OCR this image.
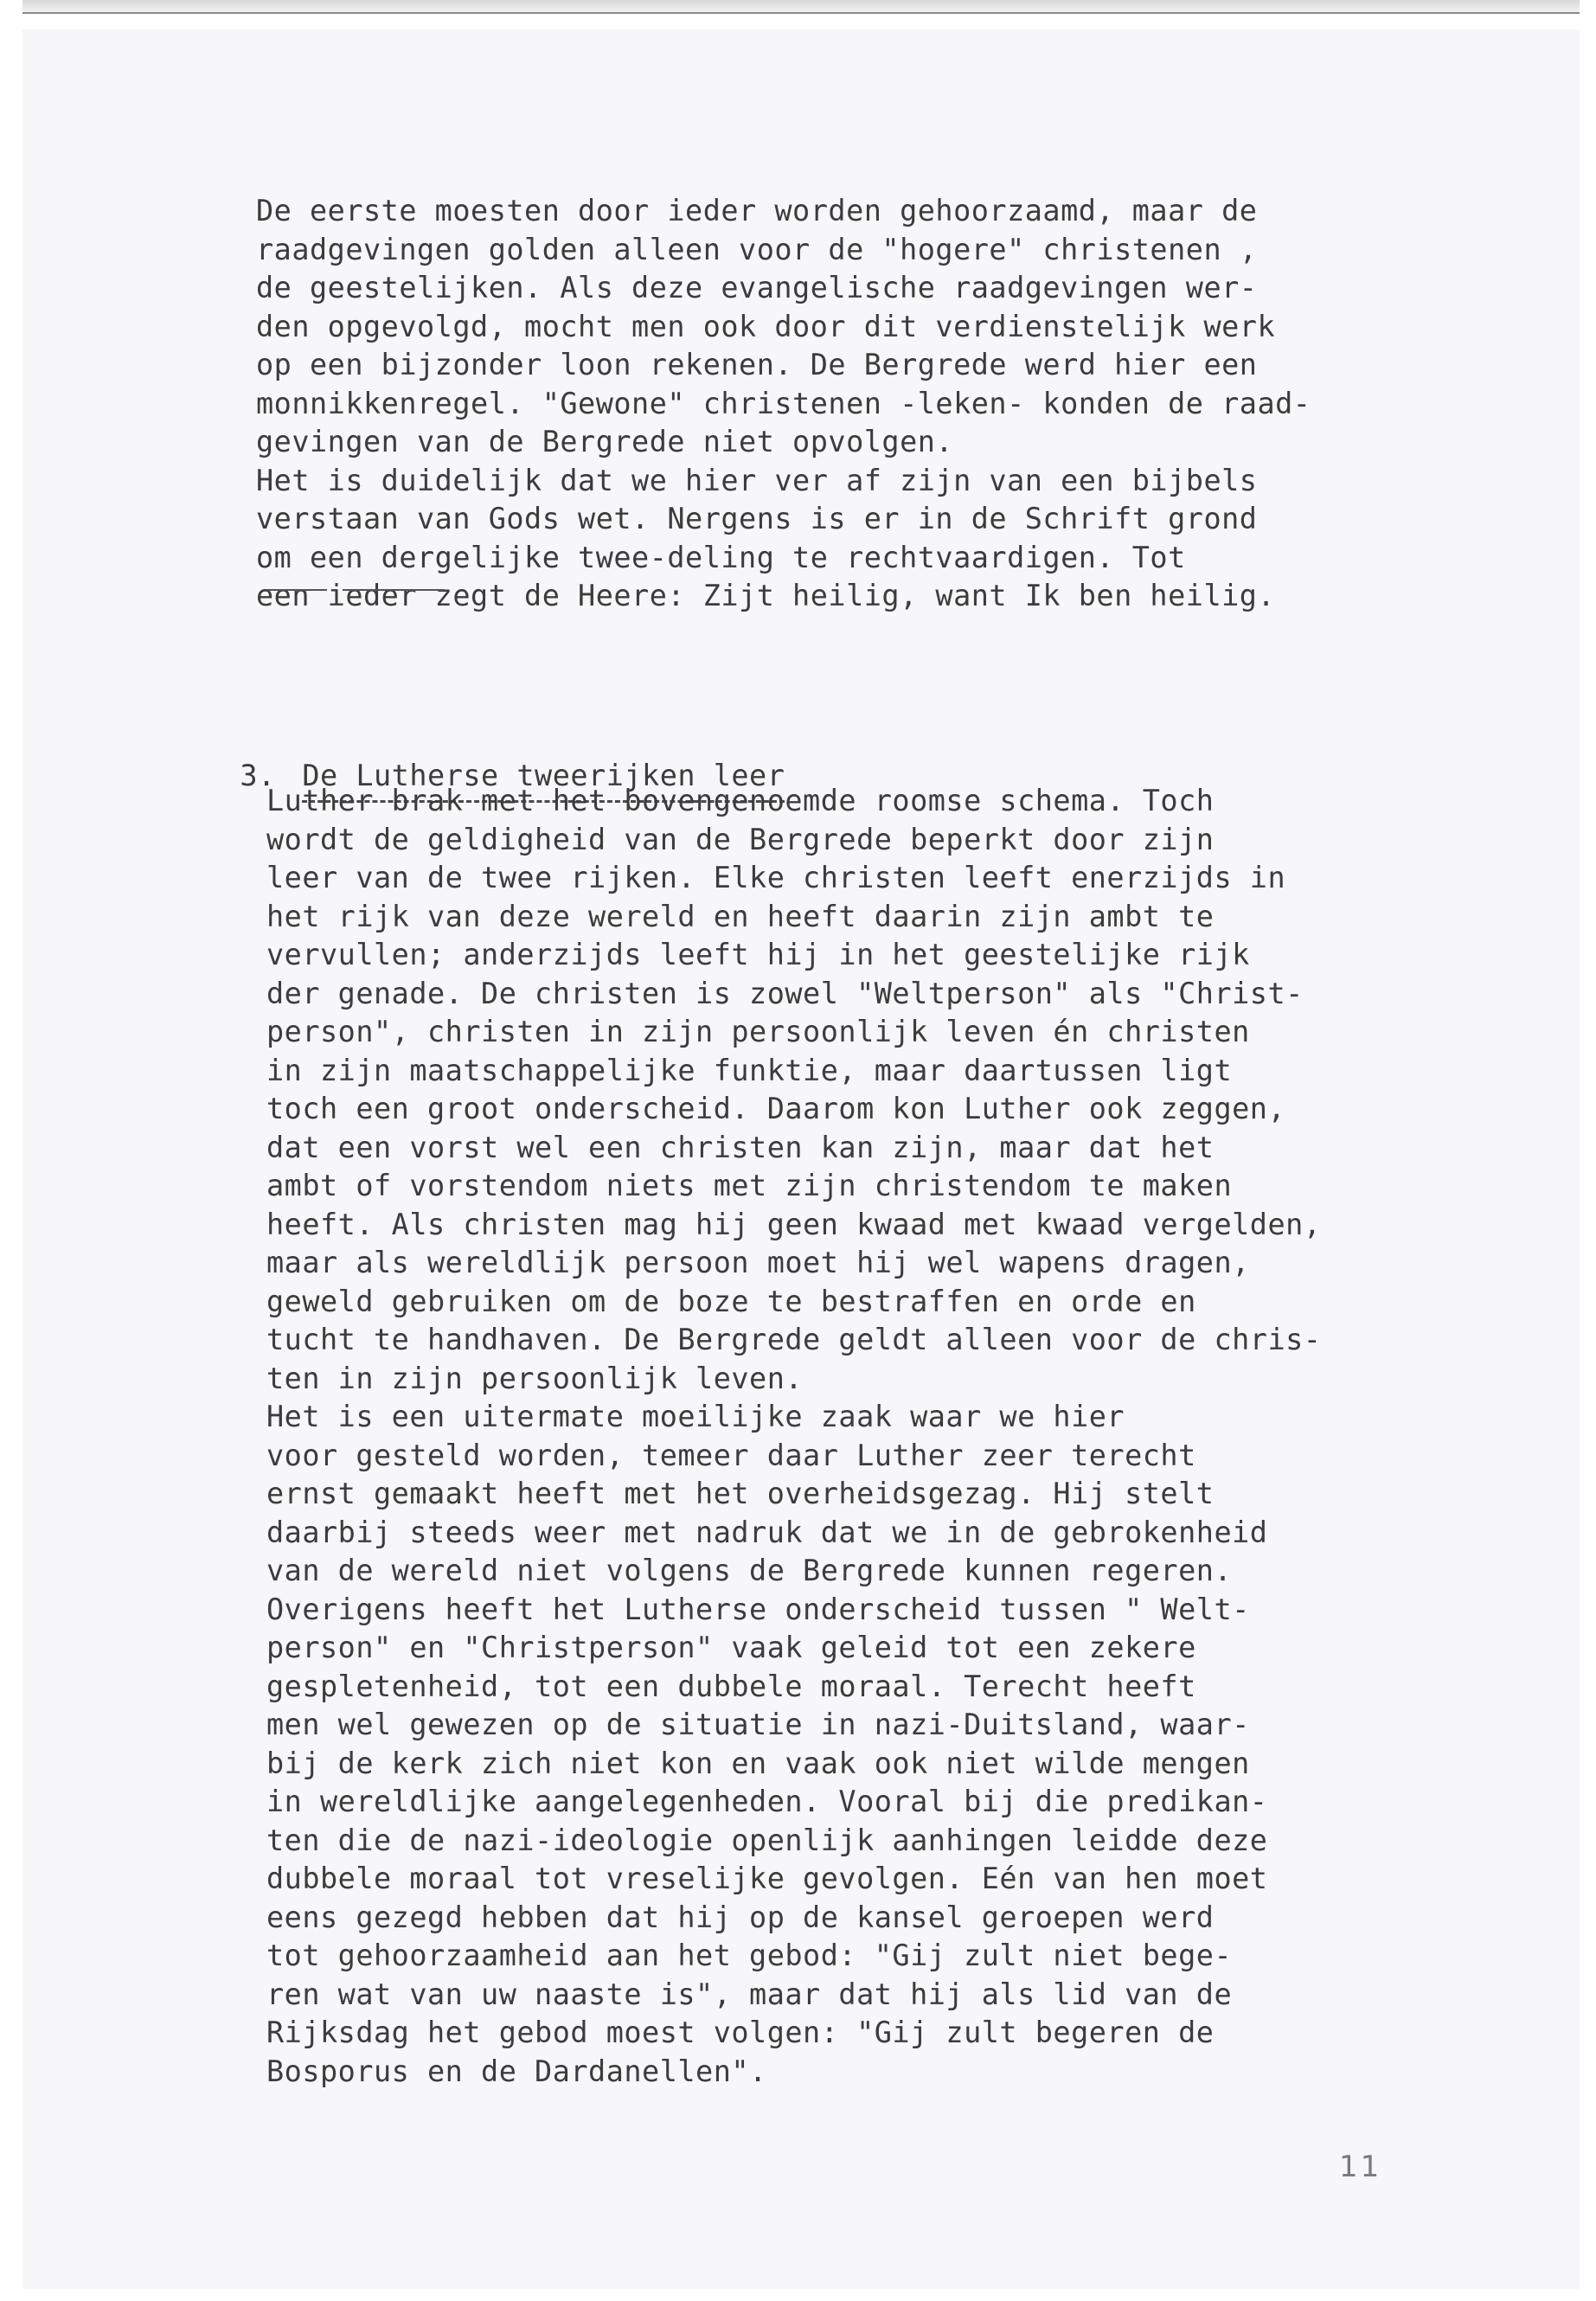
De eerste moesten door ieder worden gehoorzaamd, maar de
raadgevingen golden alleen voor de "hogere" christenen ,
de geestelijken. Als deze evangelische raadgevingen wer-
den opgevolgd, mocht men ook door dit verdienstelijk werk
op een bijzonder loon rekenen. De Bergrede werd hier een
monnikkenregel. "Gewone" christenen -leken- konden de raad-
gevingen van de Bergrede niet opvolgen.
Het is duidelijk dat we hier ver af zijn van een bijbels
verstaan van Gods wet. Nergens is er in de Schrift grond
om een dergelijke twee-deling te rechtvaardigen. Tot
een ieder zegt de Heere: Zijt heilig, want Ik ben heilig.

3. De Lutherse tweerijken leer

Luther brak met het bovengenoemde roomse schema. Toch
wordt de geldigheid van de Bergrede beperkt door zijn
leer van de twee rijken. Elke christen leeft enerzijds in
het rijk van deze wereld en heeft daarin zijn ambt te
vervullen; anderzijds leeft hij in het geestelijke rijk
der genade. De christen is zowel "Weltperson" als "Christ-
person", christen in zijn persoonlijk leven én christen
in zijn maatschappelijke funktie, maar daartussen ligt
toch een groot onderscheid. Daarom kon Luther ook zeggen,
dat een vorst wel een christen kan zijn, maar dat het
ambt of vorstendom niets met zijn christendom te maken
heeft. Als christen mag hij geen kwaad met kwaad vergelden,
maar als wereldlijk persoon moet hij wel wapens dragen,
geweld gebruiken om de boze te bestraffen en orde en
tucht te handhaven. De Bergrede geldt alleen voor de chris-
ten in zijn persoonlijk leven.
Het is een uitermate moeilijke zaak waar we hier
voor gesteld worden, temeer daar Luther zeer terecht
ernst gemaakt heeft met het overheidsgezag. Hij stelt
daarbij steeds weer met nadruk dat we in de gebrokenheid
van de wereld niet volgens de Bergrede kunnen regeren.
Overigens heeft het Lutherse onderscheid tussen " Welt-
person" en "Christperson" vaak geleid tot een zekere
gespletenheid, tot een dubbele moraal. Terecht heeft
men wel gewezen op de situatie in nazi-Duitsland, waar-
bij de kerk zich niet kon en vaak ook niet wilde mengen
in wereldlijke aangelegenheden. Vooral bij die predikan-
ten die de nazi-ideologie openlijk aanhingen leidde deze
dubbele moraal tot vreselijke gevolgen. Eén van hen moet
eens gezegd hebben dat hij op de kansel geroepen werd
tot gehoorzaamheid aan het gebod: "Gij zult niet bege-
ren wat van uw naaste is", maar dat hij als lid van de
Rijksdag het gebod moest volgen: "Gij zult begeren de
Bosporus en de Dardanellen".
11
